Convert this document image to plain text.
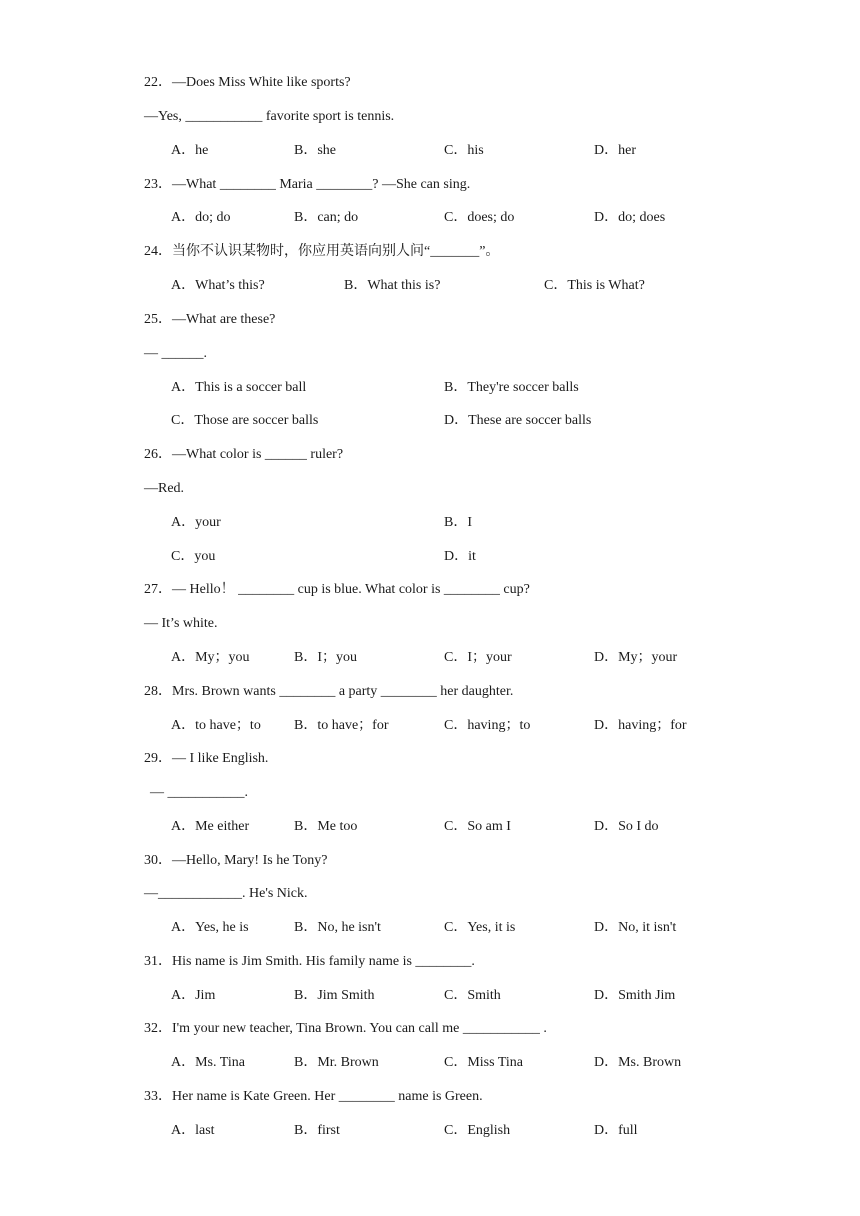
22．—Does Miss White like sports?
—Yes, ___________ favorite sport is tennis.
A．he	B．she	C．his	D．her
23．—What ________ Maria ________? —She can sing.
A．do; do	B．can; do	C．does; do	D．do; does
24．当你不认识某物时，你应用英语向别人问“_______”。
A．What’s this?	B．What this is?	C．This is What?
25．—What are these?
— ______.
A．This is a soccer ball	B．They're soccer balls
C．Those are soccer balls	D．These are soccer balls
26．—What color is ______ ruler?
—Red.
A．your	B．I
C．you	D．it
27．— Hello！ ________ cup is blue. What color is ________ cup?
— It’s white.
A．My；you	B．I；you	C．I；your	D．My；your
28．Mrs. Brown wants ________ a party ________ her daughter.
A．to have；to B．to have；for	C．having；to	D．having；for
29．— I like English.
— ___________.
A．Me either	B．Me too	C．So am I	D．So I do
30．—Hello, Mary! Is he Tony?
—____________. He's Nick.
A．Yes, he is	B．No, he isn't	C．Yes, it is	D．No, it isn't
31．His name is Jim Smith. His family name is ________.
A．Jim	B．Jim Smith	C．Smith	D．Smith Jim
32．I'm your new teacher, Tina Brown. You can call me ___________ .
A．Ms. Tina	B．Mr. Brown	C．Miss Tina	D．Ms. Brown
33．Her name is Kate Green. Her ________ name is Green.
A．last	B．first	C．English	D．full
